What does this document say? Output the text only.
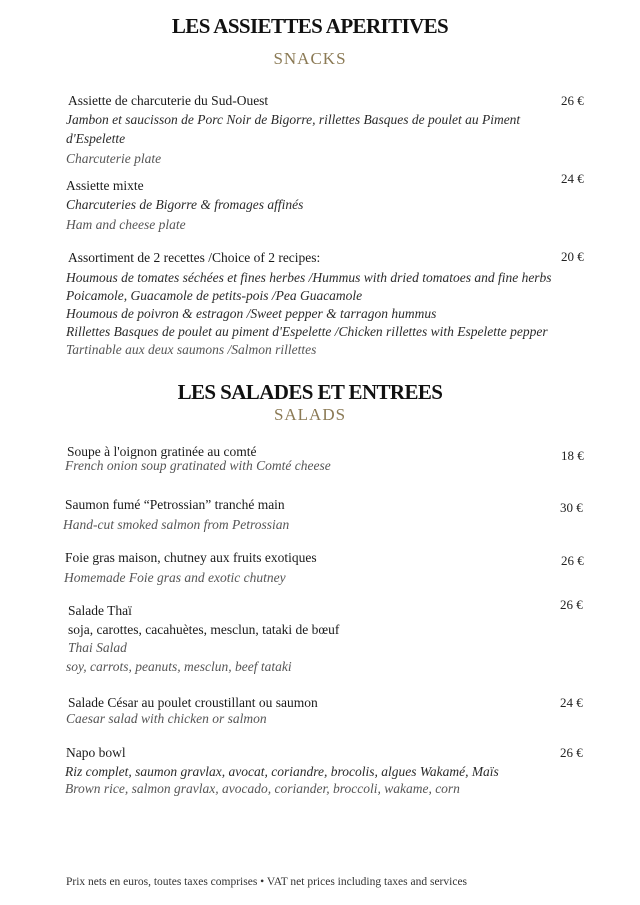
LES ASSIETTES APERITIVES
SNACKS
Assiette de charcuterie du Sud-Ouest
Jambon et saucisson de Porc Noir de Bigorre, rillettes Basques de poulet au Piment
d'Espelette
Charcuterie plate
26 €
Assiette mixte
Charcuteries de Bigorre & fromages affinés
Ham and cheese plate
24 €
Assortiment de 2 recettes /Choice of 2 recipes:
Houmous de tomates séchées et fines herbes /Hummus with dried tomatoes and fine herbs
Poicamole, Guacamole de petits-pois /Pea Guacamole
Houmous de poivron & estragon /Sweet pepper & tarragon hummus
Rillettes Basques de poulet au piment d'Espelette /Chicken rillettes with Espelette pepper
Tartinable aux deux saumons /Salmon rillettes
20 €
LES SALADES ET ENTREES
SALADS
Soupe à l'oignon gratinée au comté
French onion soup gratinated with Comté cheese
18 €
Saumon fumé “Petrossian” tranché main
Hand-cut smoked salmon from Petrossian
30 €
Foie gras maison, chutney aux fruits exotiques
Homemade Foie gras and exotic chutney
26 €
Salade Thaï
soja, carottes, cacahuètes, mesclun, tataki de bœuf
Thai Salad
soy, carrots, peanuts, mesclun, beef tataki
26 €
Salade César au poulet croustillant ou saumon
Caesar salad with chicken or salmon
24 €
Napo bowl
Riz complet, saumon gravlax, avocat, coriandre, brocolis, algues Wakamé, Maïs
Brown rice, salmon gravlax, avocado, coriander, broccoli, wakame, corn
26 €
Prix nets en euros, toutes taxes comprises • VAT net prices including taxes and services
